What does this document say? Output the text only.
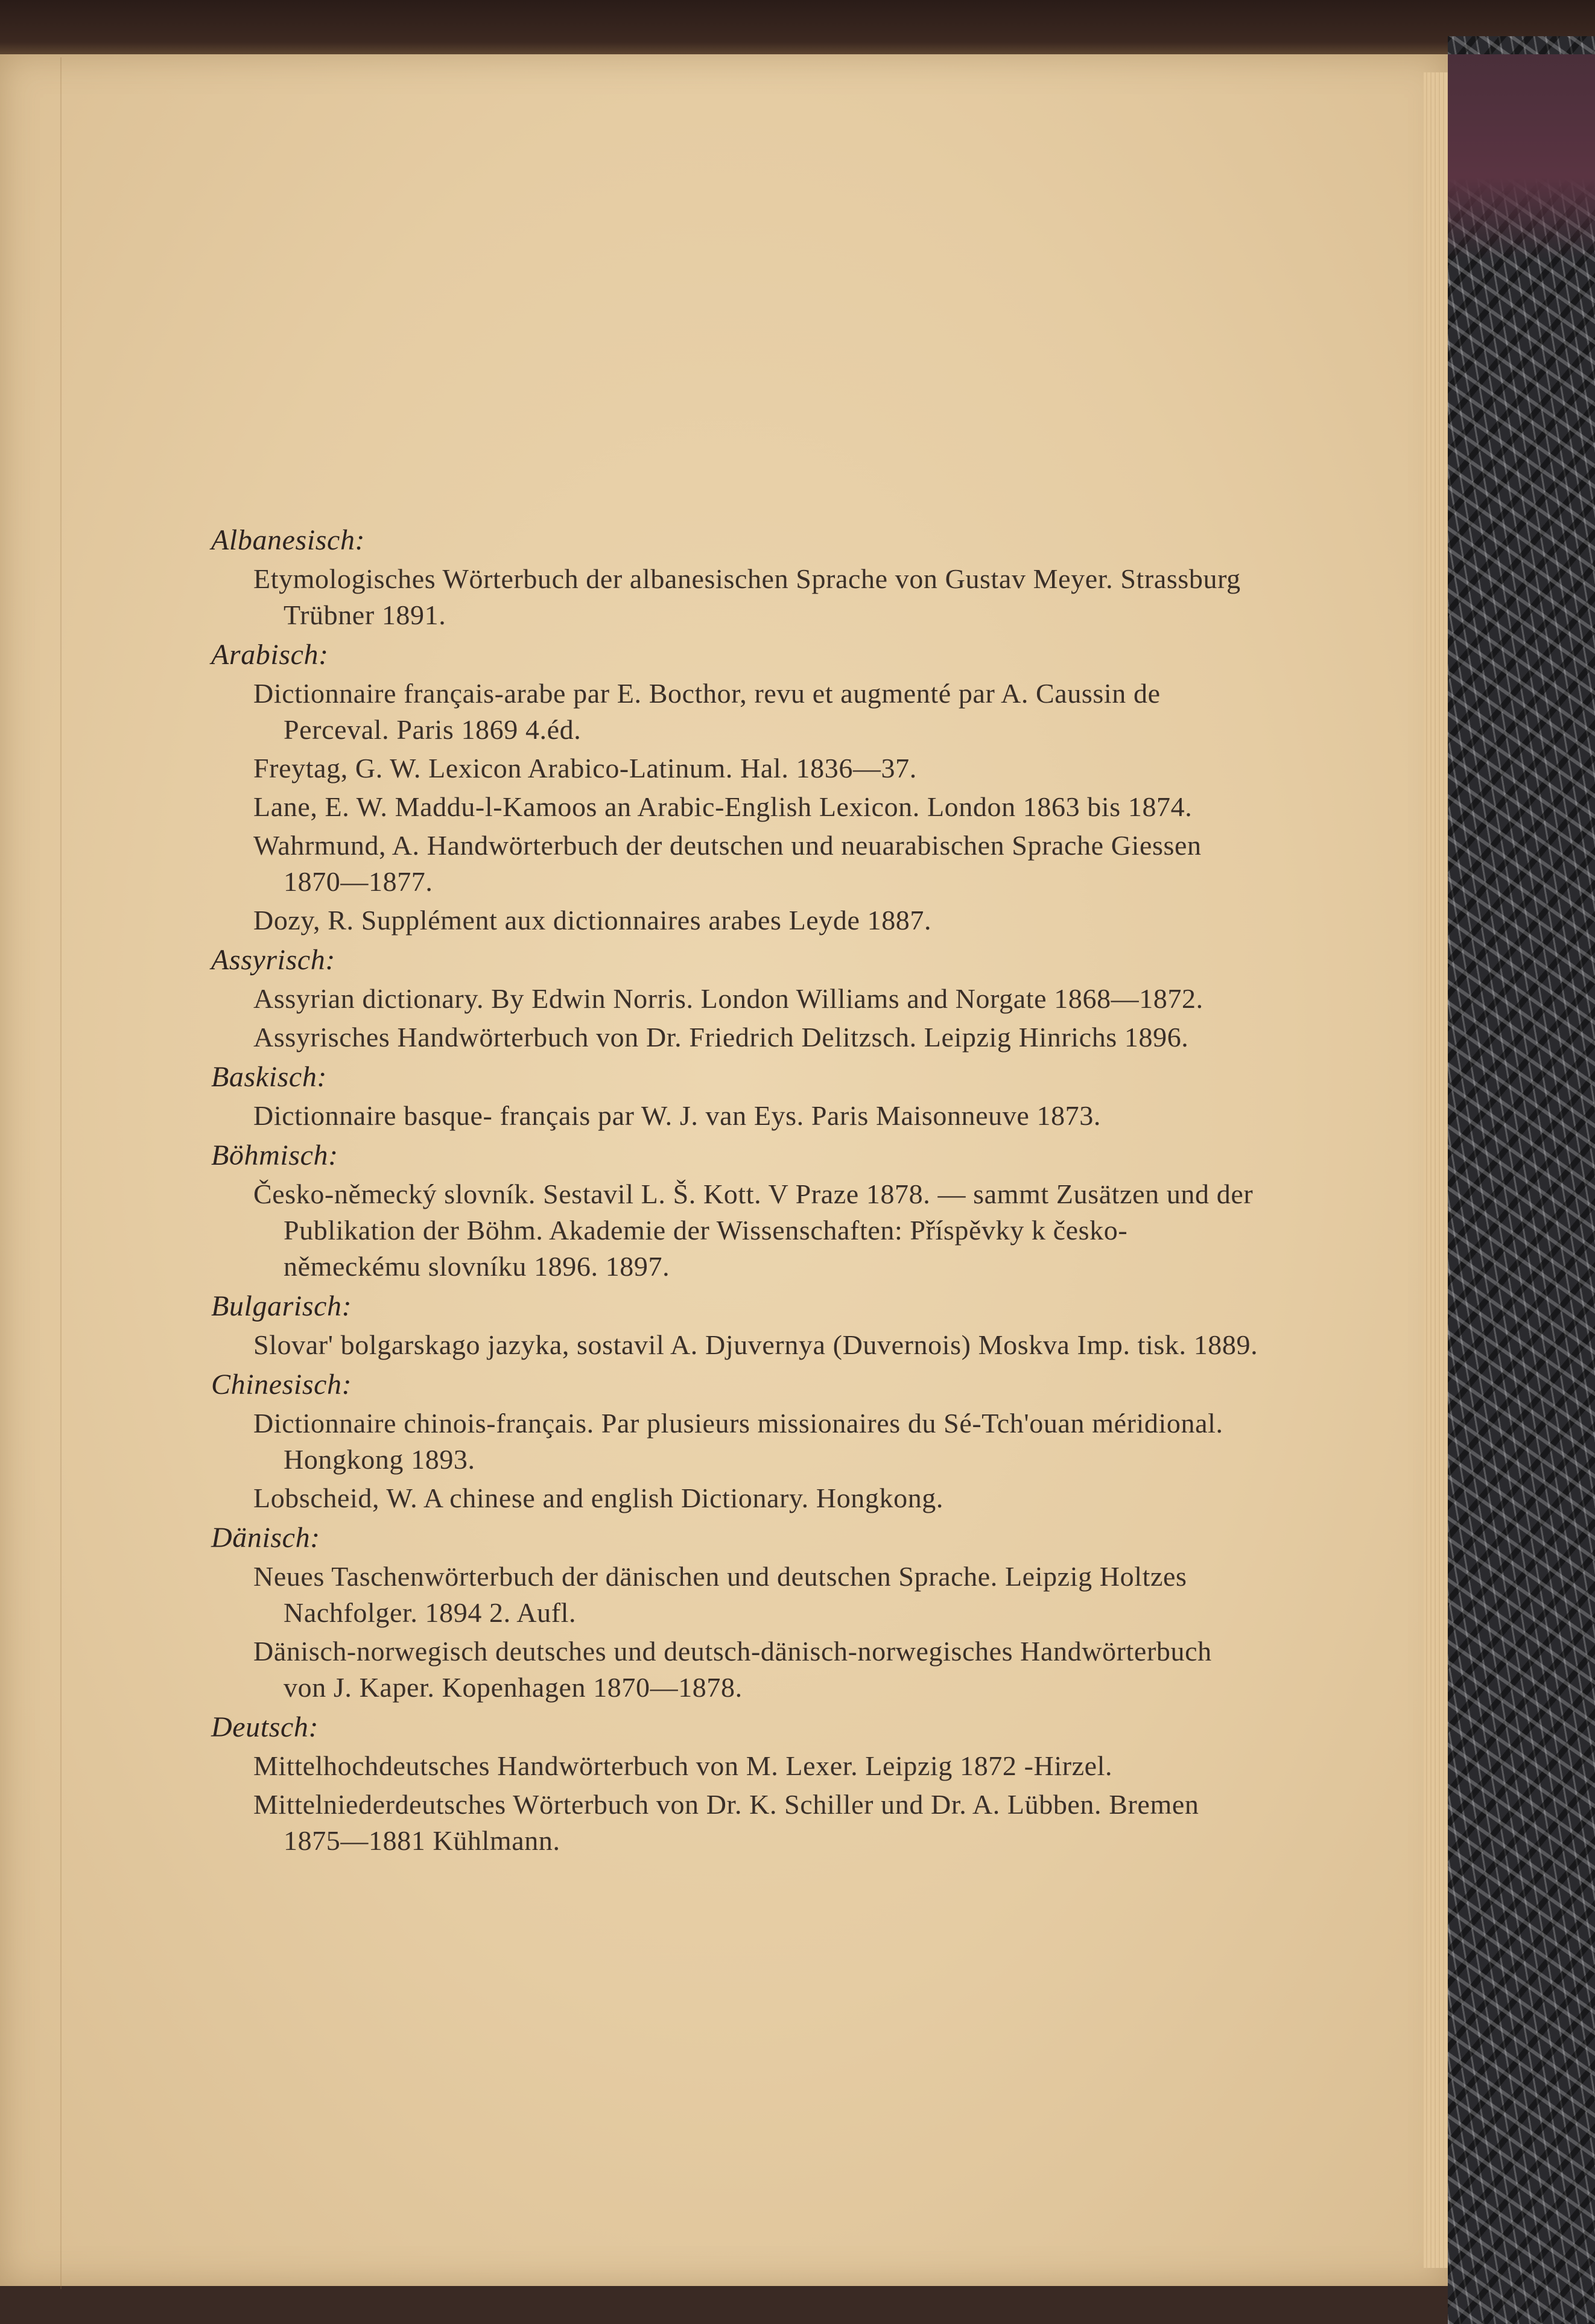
Albanesisch:
Etymologisches Wörterbuch der albanesischen Sprache von Gustav Meyer. Strassburg Trübner 1891.
Arabisch:
Dictionnaire français-arabe par E. Bocthor, revu et augmenté par A. Caussin de Perceval. Paris 1869 4.éd.
Freytag, G. W. Lexicon Arabico-Latinum. Hal. 1836—37.
Lane, E. W. Maddu-l-Kamoos an Arabic-English Lexicon. London 1863 bis 1874.
Wahrmund, A. Handwörterbuch der deutschen und neuarabischen Sprache Giessen 1870—1877.
Dozy, R. Supplément aux dictionnaires arabes Leyde 1887.
Assyrisch:
Assyrian dictionary. By Edwin Norris. London Williams and Norgate 1868—1872.
Assyrisches Handwörterbuch von Dr. Friedrich Delitzsch. Leipzig Hinrichs 1896.
Baskisch:
Dictionnaire basque- français par W. J. van Eys. Paris Maisonneuve 1873.
Böhmisch:
Česko-německý slovník. Sestavil L. Š. Kott. V Praze 1878. — sammt Zusätzen und der Publikation der Böhm. Akademie der Wissenschaften: Příspěvky k česko-německému slovníku 1896. 1897.
Bulgarisch:
Slovar' bolgarskago jazyka, sostavil A. Djuvernya (Duvernois) Moskva Imp. tisk. 1889.
Chinesisch:
Dictionnaire chinois-français. Par plusieurs missionaires du Sé-Tch'ouan méridional. Hongkong 1893.
Lobscheid, W. A chinese and english Dictionary. Hongkong.
Dänisch:
Neues Taschenwörterbuch der dänischen und deutschen Sprache. Leipzig Holtzes Nachfolger. 1894 2. Aufl.
Dänisch-norwegisch deutsches und deutsch-dänisch-norwegisches Handwörterbuch von J. Kaper. Kopenhagen 1870—1878.
Deutsch:
Mittelhochdeutsches Handwörterbuch von M. Lexer. Leipzig 1872 -Hirzel.
Mittelniederdeutsches Wörterbuch von Dr. K. Schiller und Dr. A. Lübben. Bremen 1875—1881 Kühlmann.
